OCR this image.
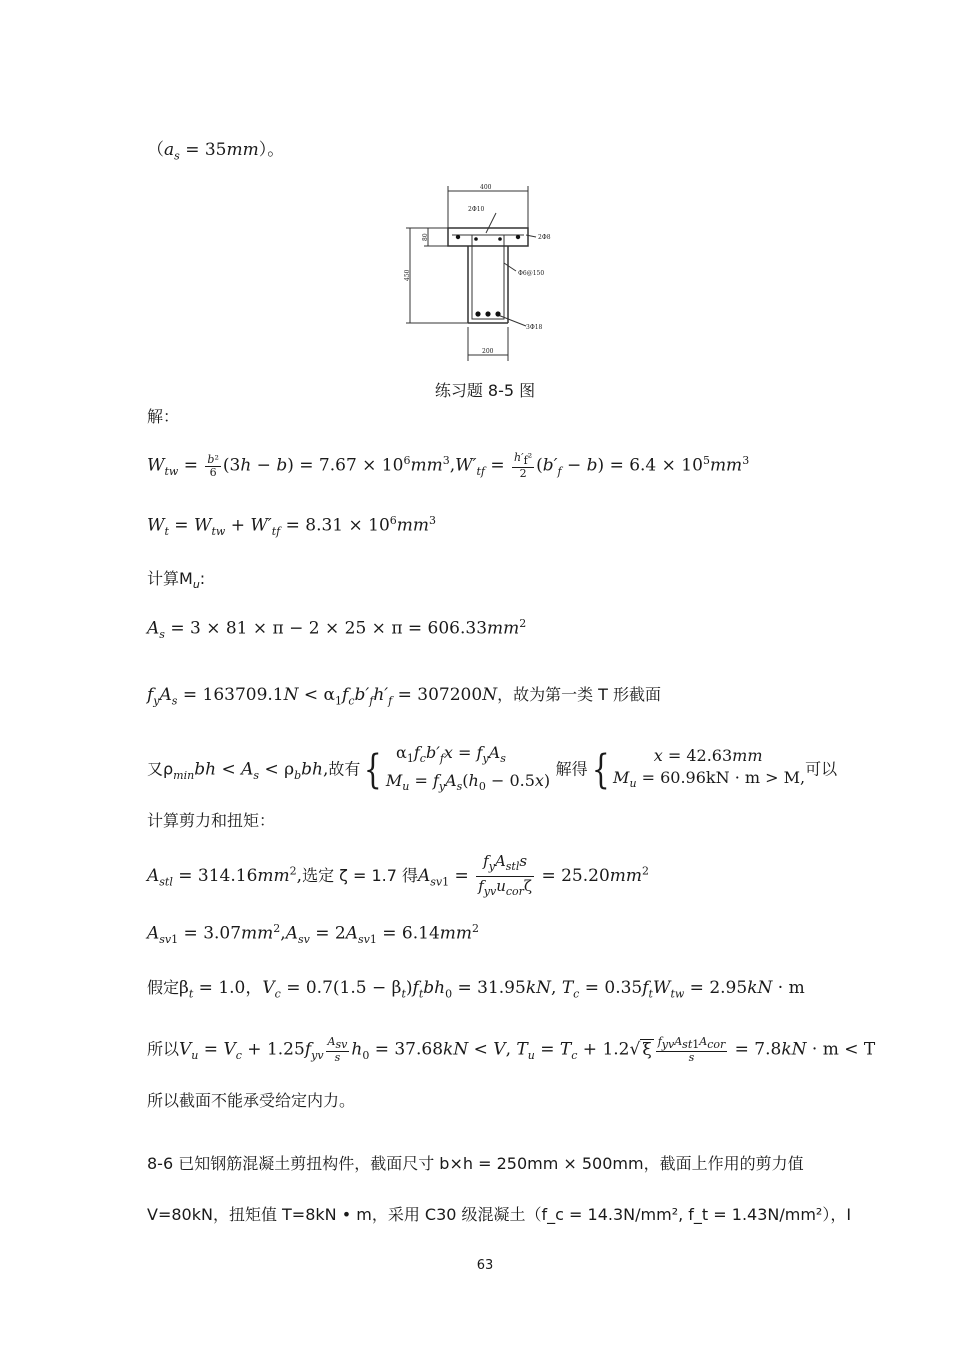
$(a_s = 35mm)$。
400
2Φ10
2Φ8
80
450	Φ6@150
3Φ18
200
练习题 8-5 图
解：
$W_{tw} = \frac{\text{b²}}{6} (3h - b) = 7.67 \times 10^6mm^3,W'_{tf} = \frac{h'_f^2}{2} (b'_f - b) = 6.4 \times 10^5mm^3$
$W_t = W_{tw} + W'_{tf} = 8.31 \times 10^6mm^3$
计算$M_u$:
$A_s = 3 \times 81 \times \pi - 2 \times 25 \times \pi = 606.33mm^2$
$f_yA_s = 163709.1N < \alpha_1f_cb'_fh'_f = 307200N$，故为第一类 T 形截面
又$\rho_{min}bh < A_s < \rho_bbh$,故有{  $\alpha_1f_cb'_fx = f_yA_s$
$M_u = f_yA_s(h_0 - 0.5x)$ 解得{	x = 42.63mm
$M_u = 60.96kN \cdot m > M$,可以
计算剪力和扭矩：
$A_{stl} = 314.16mm^2$,选定 ζ = 1.7 得$A_{sv1} = \frac{f_yA_{stl}s}{f_{yv}u_{cor}\zeta} = 25.20mm^2$
$A_{sv1} = 3.07mm^2,A_{sv} = 2A_{sv1} = 6.14mm^2$
假定$\beta_t = 1.0$，$V_c = 0.7(1.5 - \beta_t)f_tbh_0 = 31.95kN$, $T_c = 0.35f_tW_{tw} = 2.95kN \cdot m$
所以$V_u = V_c + 1.25f_{yv} \frac{A_{sv}}{s} h_0 = 37.68kN < V$, $T_u = T_c + 1.2√$ ξ $\frac{f_{yv}A_{st1}A_{cor}}{s} = 7.8kN \cdot m < T$
所以截面不能承受给定内力。
8-6 已知钢筋混凝土剪扭构件，截面尺寸 b×h = 250mm × 500mm，截面上作用的剪力值
V=80kN，扭矩值 T=8kN • m，采用 C30 级混凝土（f_c = 14.3N/mm², f_t = 1.43N/mm²），I
63
